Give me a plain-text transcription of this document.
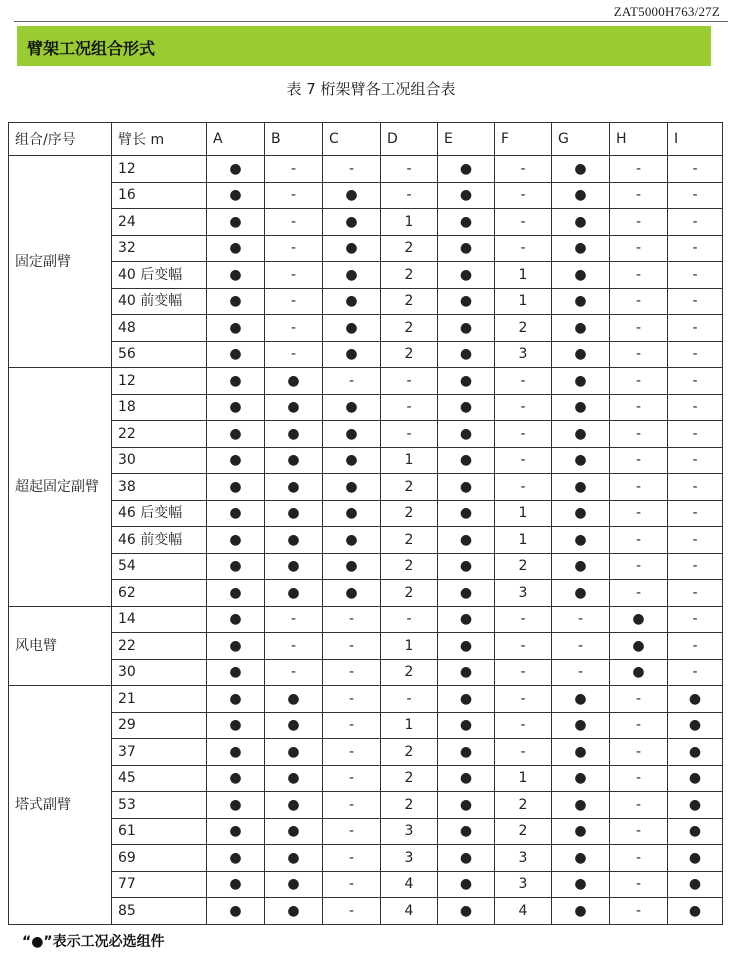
ZAT5000H763/27Z
臂架工况组合形式
表 7 桁架臂各工况组合表
组合/序号	臂长 m	A	B	C	D	E	F	G	H	I
固定副臂	12	●	-	-	-	●	-	●	-	-
	16	●	-	●	-	●	-	●	-	-
	24	●	-	●	1	●	-	●	-	-
	32	●	-	●	2	●	-	●	-	-
	40 后变幅	●	-	●	2	●	1	●	-	-
	40 前变幅	●	-	●	2	●	1	●	-	-
	48	●	-	●	2	●	2	●	-	-
	56	●	-	●	2	●	3	●	-	-
超起固定副臂	12	●	●	-	-	●	-	●	-	-
	18	●	●	●	-	●	-	●	-	-
	22	●	●	●	-	●	-	●	-	-
	30	●	●	●	1	●	-	●	-	-
	38	●	●	●	2	●	-	●	-	-
	46 后变幅	●	●	●	2	●	1	●	-	-
	46 前变幅	●	●	●	2	●	1	●	-	-
	54	●	●	●	2	●	2	●	-	-
	62	●	●	●	2	●	3	●	-	-
风电臂	14	●	-	-	-	●	-	-	●	-
	22	●	-	-	1	●	-	-	●	-
	30	●	-	-	2	●	-	-	●	-
塔式副臂	21	●	●	-	-	●	-	●	-	●
	29	●	●	-	1	●	-	●	-	●
	37	●	●	-	2	●	-	●	-	●
	45	●	●	-	2	●	1	●	-	●
	53	●	●	-	2	●	2	●	-	●
	61	●	●	-	3	●	2	●	-	●
	69	●	●	-	3	●	3	●	-	●
	77	●	●	-	4	●	3	●	-	●
	85	●	●	-	4	●	4	●	-	●
“●”表示工况必选组件
